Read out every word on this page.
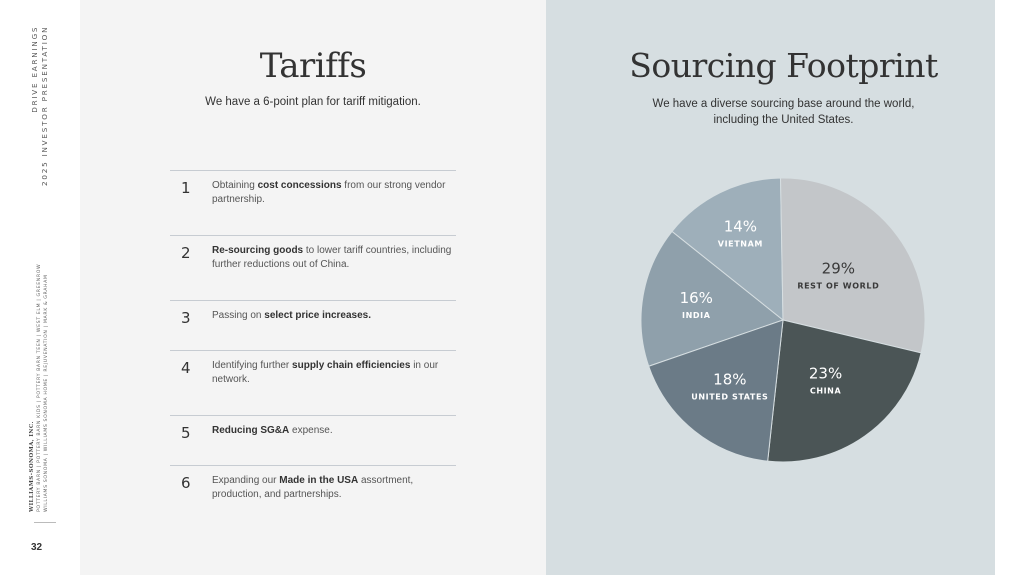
DRIVE EARNINGS 2025 INVESTOR PRESENTATION
WILLIAMS-SONOMA, INC. POTTERY BARN | POTTERY BARN KIDS | POTTERY BARN TEEN | WEST ELM | GREENROW WILLIAMS SONOMA | WILLIAMS SONOMA HOME | REJUVENATION | MARK & GRAHAM
32
Tariffs
We have a 6-point plan for tariff mitigation.
1 Obtaining cost concessions from our strong vendor partnership.
2 Re-sourcing goods to lower tariff countries, including further reductions out of China.
3 Passing on select price increases.
4 Identifying further supply chain efficiencies in our network.
5 Reducing SG&A expense.
6 Expanding our Made in the USA assortment, production, and partnerships.
Sourcing Footprint
We have a diverse sourcing base around the world,
including the United States.
16%
INDIA
14%
VIETNAM
29%
REST OF WORLD
23%
CHINA
18%
UNITED STATES
